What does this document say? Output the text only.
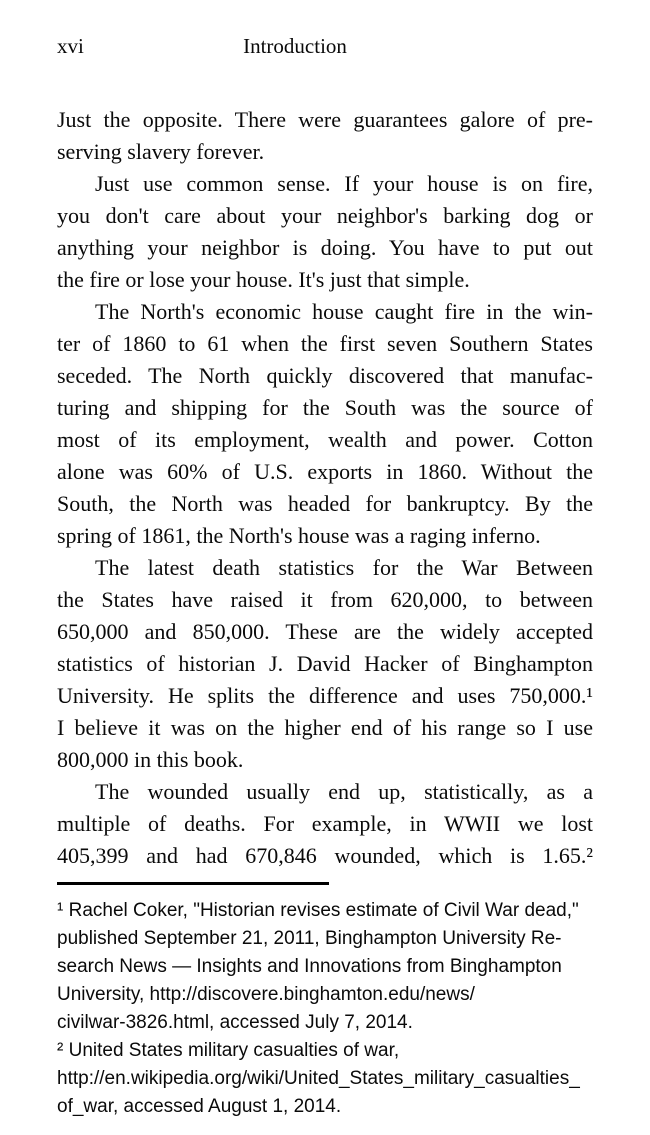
xvi	Introduction
Just the opposite. There were guarantees galore of pre-
serving slavery forever.
Just use common sense. If your house is on fire,
you don't care about your neighbor's barking dog or
anything your neighbor is doing. You have to put out
the fire or lose your house. It's just that simple.
The North's economic house caught fire in the win-
ter of 1860 to 61 when the first seven Southern States
seceded. The North quickly discovered that manufac-
turing and shipping for the South was the source of
most of its employment, wealth and power. Cotton
alone was 60% of U.S. exports in 1860. Without the
South, the North was headed for bankruptcy. By the
spring of 1861, the North's house was a raging inferno.
The latest death statistics for the War Between
the States have raised it from 620,000, to between
650,000 and 850,000. These are the widely accepted
statistics of historian J. David Hacker of Binghampton
University. He splits the difference and uses 750,000.¹
I believe it was on the higher end of his range so I use
800,000 in this book.
The wounded usually end up, statistically, as a
multiple of deaths. For example, in WWII we lost
405,399 and had 670,846 wounded, which is 1.65.²
¹ Rachel Coker, "Historian revises estimate of Civil War dead,"
published September 21, 2011, Binghampton University Re-
search News — Insights and Innovations from Binghampton
University, http://discovere.binghamton.edu/news/
civilwar-3826.html, accessed July 7, 2014.
² United States military casualties of war,
http://en.wikipedia.org/wiki/United_States_military_casualties_
of_war, accessed August 1, 2014.
